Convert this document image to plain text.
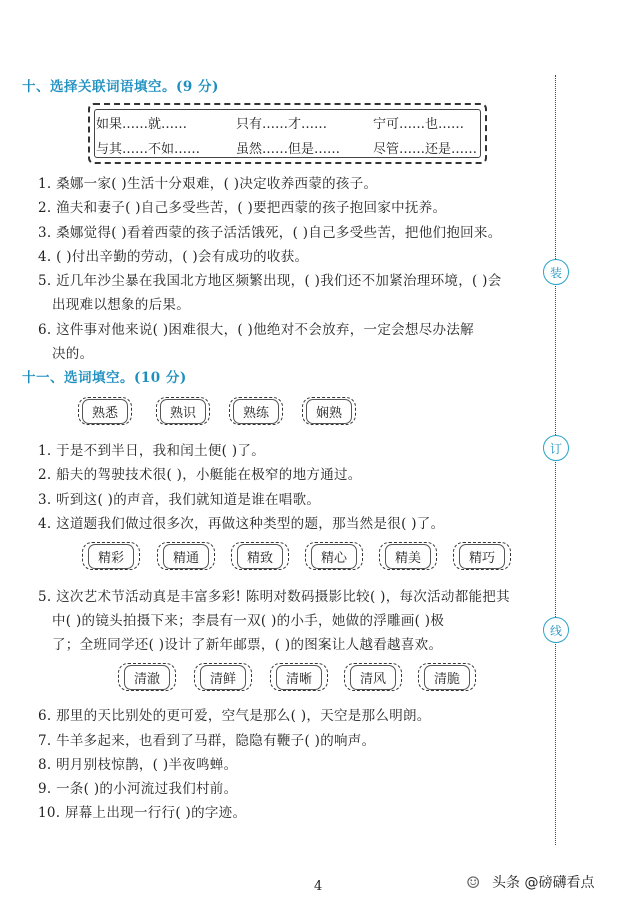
十、选择关联词语填空。(9 分)
如果……就……	只有……才……	宁可……也……
与其……不如……	虽然……但是……	尽管……还是……
1. 桑娜一家( )生活十分艰难，( )决定收养西蒙的孩子。
2. 渔夫和妻子( )自己多受些苦，( )要把西蒙的孩子抱回家中抚养。
3. 桑娜觉得( )看着西蒙的孩子活活饿死，( )自己多受些苦，把他们抱回来。
4. ( )付出辛勤的劳动，( )会有成功的收获。
5. 近几年沙尘暴在我国北方地区频繁出现，( )我们还不加紧治理环境，( )会
出现难以想象的后果。
6. 这件事对他来说( )困难很大，( )他绝对不会放弃，一定会想尽办法解
决的。
十一、选词填空。(10 分)
熟悉	熟识	熟练	娴熟
1. 于是不到半日，我和闰土便( )了。
2. 船夫的驾驶技术很( )，小艇能在极窄的地方通过。
3. 听到这( )的声音，我们就知道是谁在唱歌。
4. 这道题我们做过很多次，再做这种类型的题，那当然是很( )了。
精彩	精通	精致	精心	精美	精巧
5. 这次艺术节活动真是丰富多彩! 陈明对数码摄影比较( )，每次活动都能把其
中( )的镜头拍摄下来；李晨有一双( )的小手，她做的浮雕画( )极
了；全班同学还( )设计了新年邮票，( )的图案让人越看越喜欢。
清澈	清鲜	清晰	清风	清脆
6. 那里的天比别处的更可爱，空气是那么( )，天空是那么明朗。
7. 牛羊多起来，也看到了马群，隐隐有鞭子( )的响声。
8. 明月别枝惊鹊，( )半夜鸣蝉。
9. 一条( )的小河流过我们村前。
10. 屏幕上出现一行行( )的字迹。
装
订
线
4	☺ 头条 @磅礴看点
